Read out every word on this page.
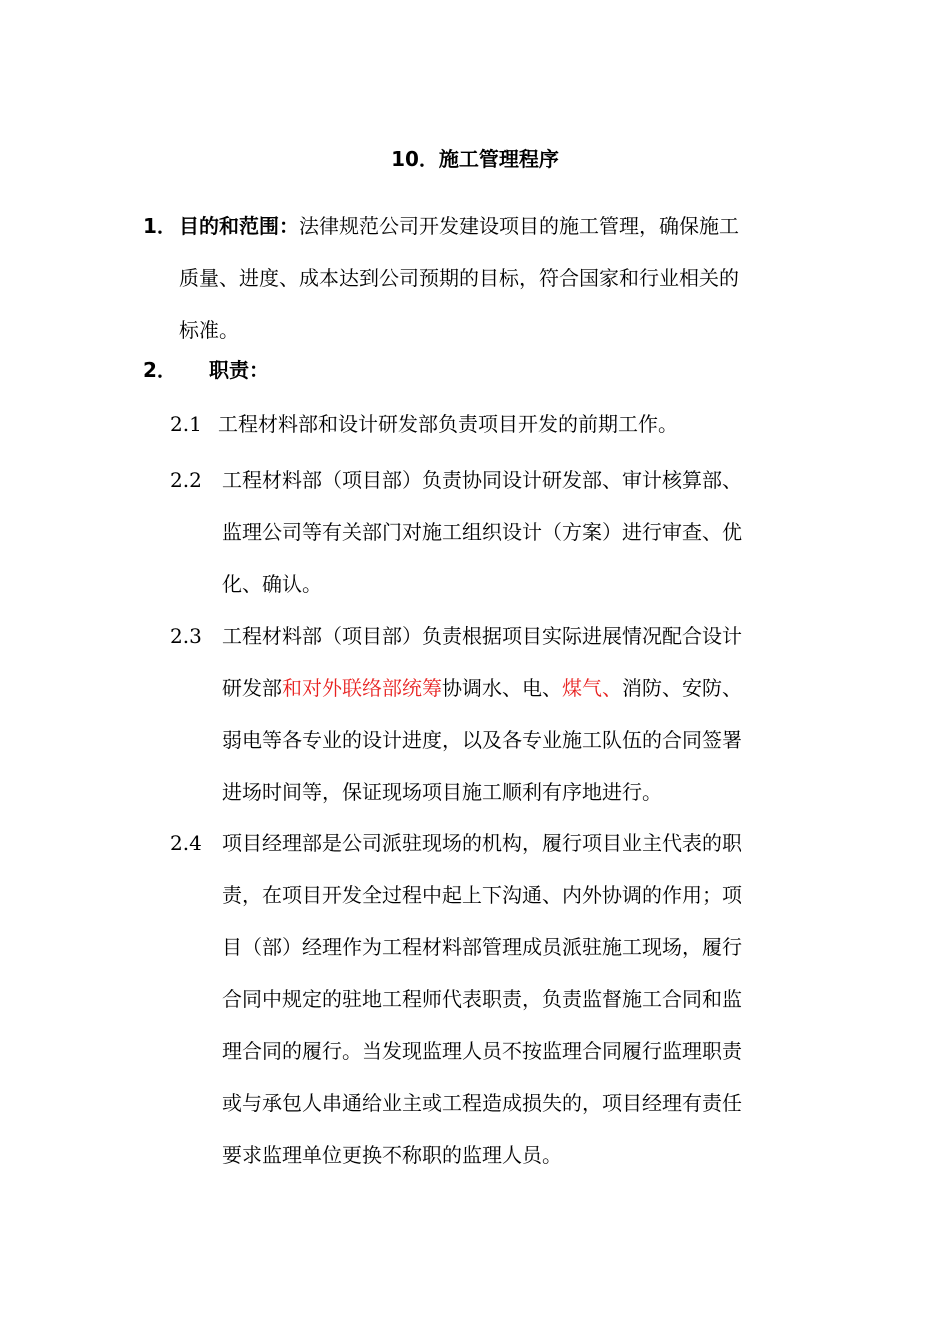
10．施工管理程序
1． 目的和范围：法律规范公司开发建设项目的施工管理，确保施工
质量、进度、成本达到公司预期的目标，符合国家和行业相关的
标准。
2． 职责：
2.1 工程材料部和设计研发部负责项目开发的前期工作。
2.2 工程材料部（项目部）负责协同设计研发部、审计核算部、
监理公司等有关部门对施工组织设计（方案）进行审查、优
化、确认。
2.3 工程材料部（项目部）负责根据项目实际进展情况配合设计
研发部和对外联络部统筹协调水、电、煤气、消防、安防、
弱电等各专业的设计进度，以及各专业施工队伍的合同签署
进场时间等，保证现场项目施工顺利有序地进行。
2.4 项目经理部是公司派驻现场的机构，履行项目业主代表的职
责，在项目开发全过程中起上下沟通、内外协调的作用；项
目（部）经理作为工程材料部管理成员派驻施工现场，履行
合同中规定的驻地工程师代表职责，负责监督施工合同和监
理合同的履行。当发现监理人员不按监理合同履行监理职责
或与承包人串通给业主或工程造成损失的，项目经理有责任
要求监理单位更换不称职的监理人员。
